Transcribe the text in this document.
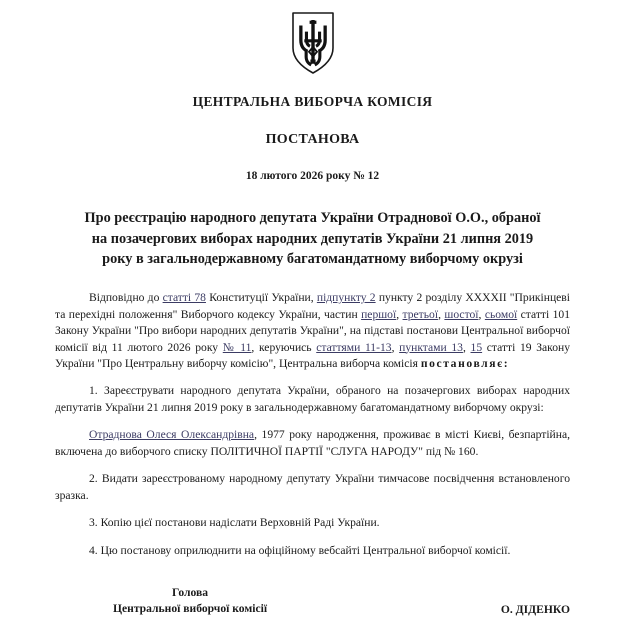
ЦЕНТРАЛЬНА ВИБОРЧА КОМІСІЯ
ПОСТАНОВА
18 лютого 2026 року № 12
Про реєстрацію народного депутата України Отраднової О.О., обраної на позачергових виборах народних депутатів України 21 липня 2019 року в загальнодержавному багатомандатному виборчому окрузі

Відповідно до статті 78 Конституції України, підпункту 2 пункту 2 розділу XXXXII "Прикінцеві та перехідні положення" Виборчого кодексу України, частин першої, третьої, шостої, сьомої статті 101 Закону України "Про вибори народних депутатів України", на підставі постанови Центральної виборчої комісії від 11 лютого 2026 року № 11, керуючись статтями 11-13, пунктами 13, 15 статті 19 Закону України "Про Центральну виборчу комісію", Центральна виборча комісія постановляє:

1. Зареєструвати народного депутата України, обраного на позачергових виборах народних депутатів України 21 липня 2019 року в загальнодержавному багатомандатному виборчому окрузі:

Отраднова Олеся Олександрівна, 1977 року народження, проживає в місті Києві, безпартійна, включена до виборчого списку ПОЛІТИЧНОЇ ПАРТІЇ "СЛУГА НАРОДУ" під № 160.

2. Видати зареєстрованому народному депутату України тимчасове посвідчення встановленого зразка.

3. Копію цієї постанови надіслати Верховній Раді України.

4. Цю постанову оприлюднити на офіційному вебсайті Центральної виборчої комісії.

Голова
Центральної виборчої комісії	О. ДІДЕНКО
